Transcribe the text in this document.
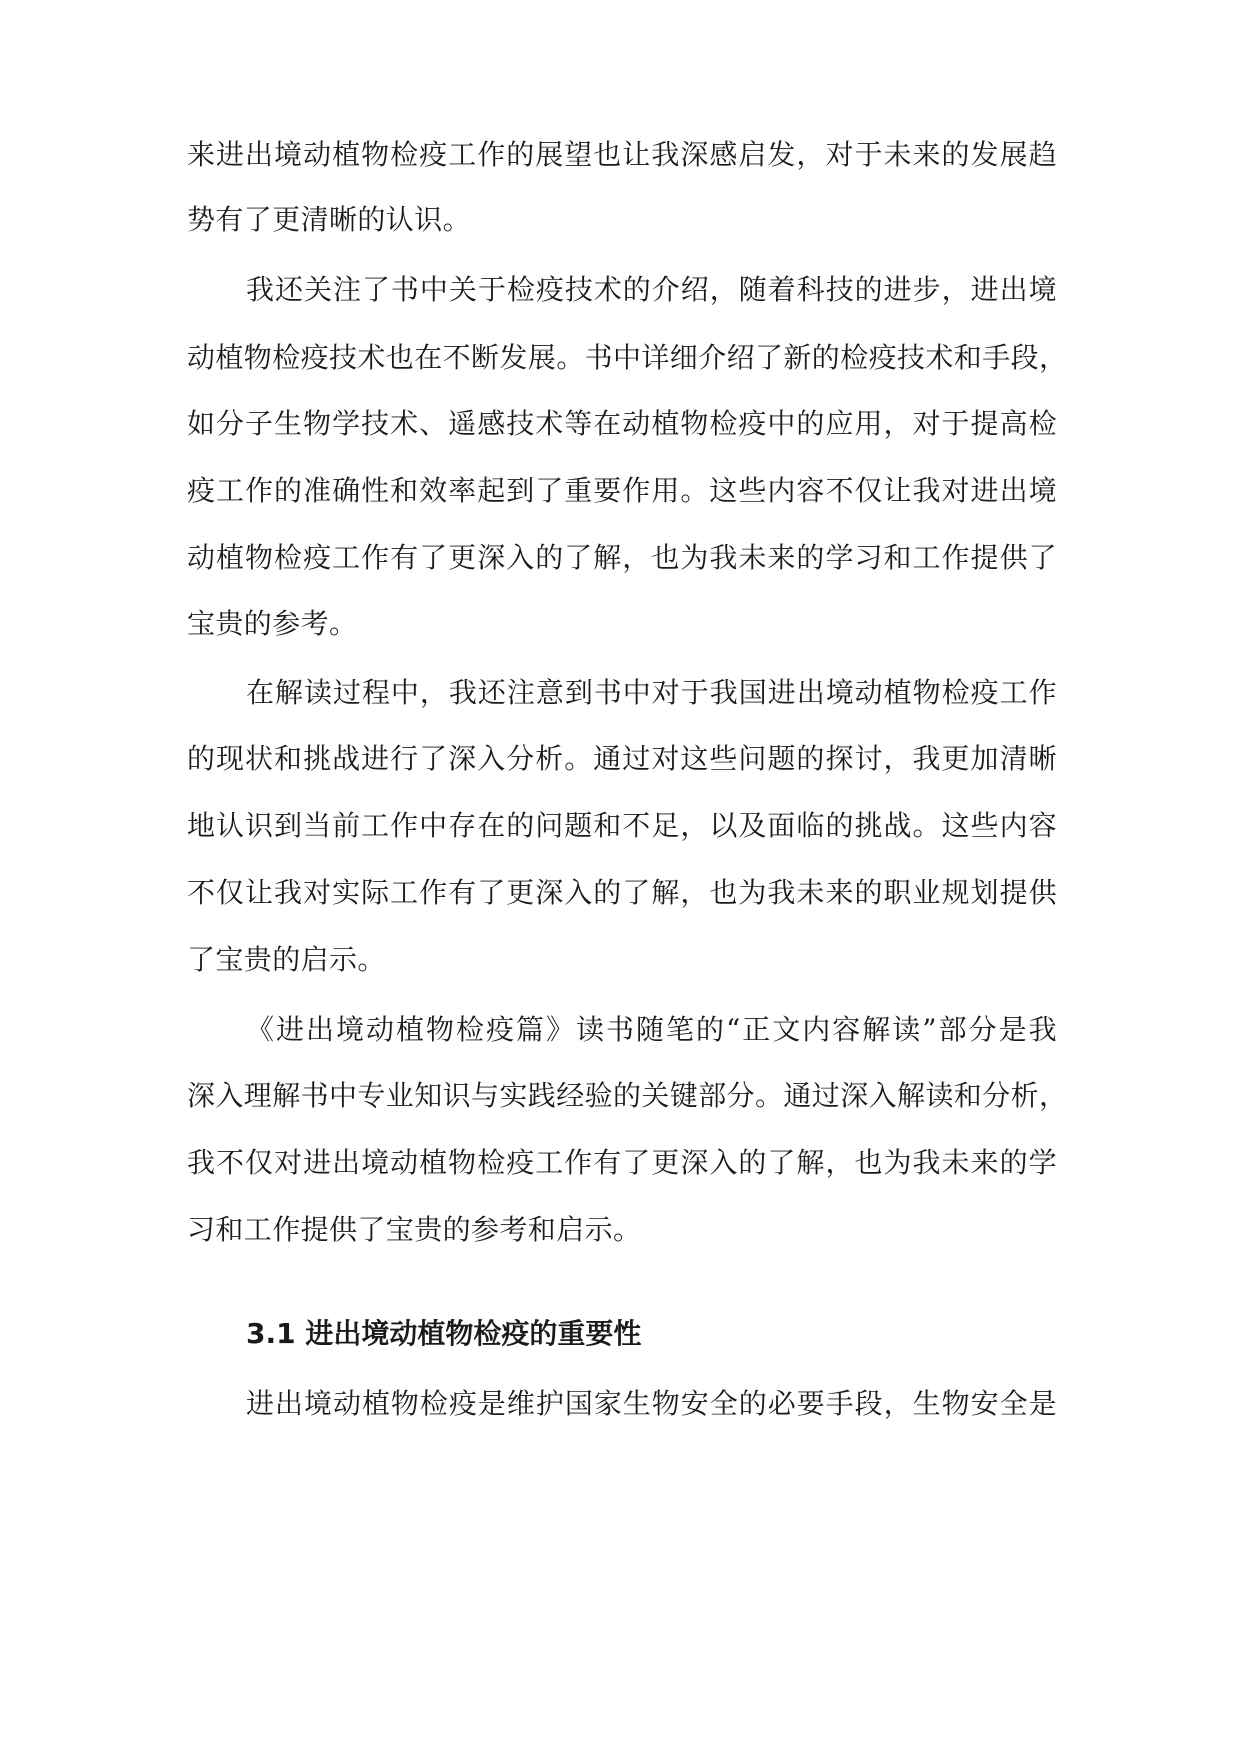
来进出境动植物检疫工作的展望也让我深感启发，对于未来的发展趋
势有了更清晰的认识。
我还关注了书中关于检疫技术的介绍，随着科技的进步，进出境
动植物检疫技术也在不断发展。书中详细介绍了新的检疫技术和手段，
如分子生物学技术、遥感技术等在动植物检疫中的应用，对于提高检
疫工作的准确性和效率起到了重要作用。这些内容不仅让我对进出境
动植物检疫工作有了更深入的了解，也为我未来的学习和工作提供了
宝贵的参考。
在解读过程中，我还注意到书中对于我国进出境动植物检疫工作
的现状和挑战进行了深入分析。通过对这些问题的探讨，我更加清晰
地认识到当前工作中存在的问题和不足，以及面临的挑战。这些内容
不仅让我对实际工作有了更深入的了解，也为我未来的职业规划提供
了宝贵的启示。
《进出境动植物检疫篇》读书随笔的“正文内容解读”部分是我
深入理解书中专业知识与实践经验的关键部分。通过深入解读和分析，
我不仅对进出境动植物检疫工作有了更深入的了解，也为我未来的学
习和工作提供了宝贵的参考和启示。
3.1 进出境动植物检疫的重要性
进出境动植物检疫是维护国家生物安全的必要手段，生物安全是
